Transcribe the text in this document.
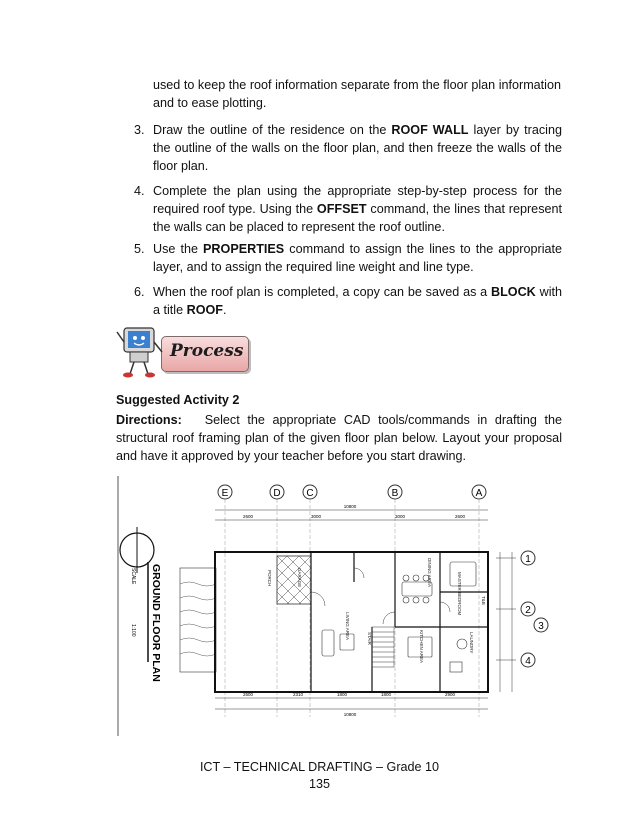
used to keep the roof information separate from the floor plan information and to ease plotting.
3. Draw the outline of the residence on the ROOF WALL layer by tracing the outline of the walls on the floor plan, and then freeze the walls of the floor plan.
4. Complete the plan using the appropriate step-by-step process for the required roof type. Using the OFFSET command, the lines that represent the walls can be placed to represent the roof outline.
5. Use the PROPERTIES command to assign the lines to the appropriate layer, and to assign the required line weight and line type.
6. When the roof plan is completed, a copy can be saved as a BLOCK with a title ROOF.
Process
Suggested Activity 2
Directions: Select the appropriate CAD tools/commands in drafting the structural roof framing plan of the given floor plan below. Layout your proposal and have it approved by your teacher before you start drawing.
GROUND FLOOR PLAN
SCALE
1:100
E	D	C	B	A
1
2
3
4
10800
2600	3000	3000	2600
2600	2310	1800	1800	2900
10800
PORCH
LIVING AREA
DINING AREA
KITCHEN AREA
MASTER BEDROOM
LAUNDRY
T&B
GARAGE
STAIR
ICT – TECHNICAL DRAFTING – Grade 10
135
